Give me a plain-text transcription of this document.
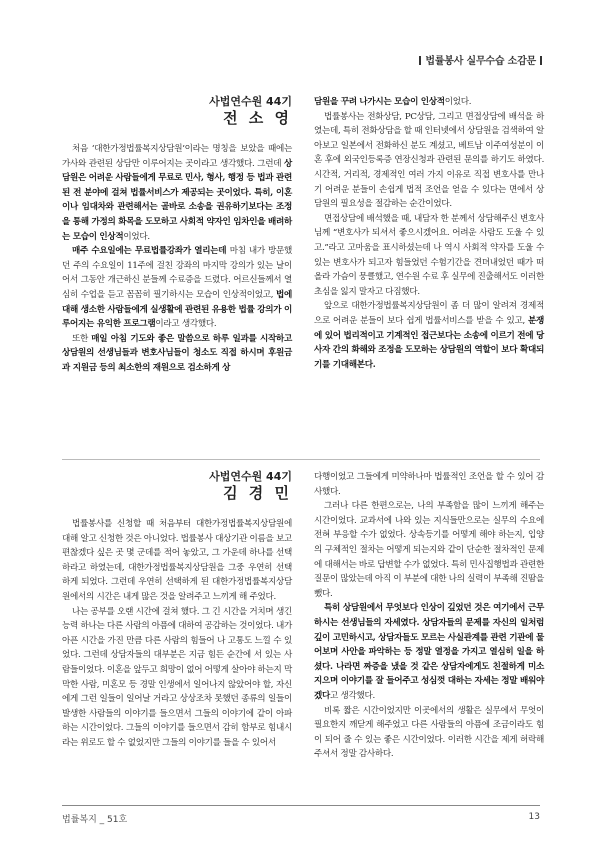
법률봉사 실무수습 소감문
사법연수원 44기
전 소 영

처음 ‘대한가정법률복지상담원’이라는 명칭을 보았을 때에는 가사와 관련된 상담만 이루어지는 곳이라고 생각했다. 그런데 상담원은 어려운 사람들에게 무료로 민사, 형사, 행정 등 법과 관련된 전 분야에 걸쳐 법률서비스가 제공되는 곳이었다. 특히, 이혼이나 임대차와 관련해서는 골바로 소송을 권유하기보다는 조정을 통해 가정의 화목을 도모하고 사회적 약자인 임차인을 배려하는 모습이 인상적이었다.

매주 수요일에는 무료법률강좌가 열리는데 마침 내가 방문했던 주의 수요일이 11주에 걸친 강좌의 마지막 강의가 있는 날이어서 그동안 개근하신 분들께 수료증을 드렸다. 어르신들께서 열심히 수업을 듣고 꼼꼼히 필기하시는 모습이 인상적이었고, 법에 대해 생소한 사람들에게 실생활에 관련된 유용한 법률 강의가 이루어지는 유익한 프로그램이라고 생각했다.

또한 매일 아침 기도와 좋은 말씀으로 하루 일과를 시작하고 상담원의 선생님들과 변호사님들이 청소도 직접 하시며 후원금과 지원금 등의 최소한의 재원으로 검소하게 상

담원을 꾸려 나가시는 모습이 인상적이었다.

법률봉사는 전화상담, PC상담, 그리고 면접상담에 배석을 하였는데, 특히 전화상담을 할 때 인터넷에서 상담원을 검색하여 알아보고 일본에서 전화하신 분도 계셨고, 베트남 이주여성분이 이혼 후에 외국인등록증 연장신청과 관련된 문의를 하기도 하였다. 시간적, 거리적, 경제적인 여러 가지 이유로 직접 변호사를 만나기 어려운 분들이 손쉽게 법적 조언을 얻을 수 있다는 면에서 상담원의 필요성을 절감하는 순간이었다.

면접상담에 배석했을 때, 내담자 한 분께서 상담해주신 변호사님께 “변호사가 되셔서 좋으시겠어요. 어려운 사람도 도울 수 있고.”라고 고마움을 표시하셨는데 나 역시 사회적 약자를 도울 수 있는 변호사가 되고자 힘들었던 수험기간을 견뎌내었던 때가 떠올라 가슴이 뭉클했고, 연수원 수료 후 실무에 진출해서도 이러한 초심을 잃지 말자고 다짐했다.

앞으로 대한가정법률복지상담원이 좀 더 많이 알려져 경제적으로 어려운 분들이 보다 쉽게 법률서비스를 받을 수 있고, 분쟁에 있어 법리적이고 기계적인 접근보다는 소송에 이르기 전에 당사자 간의 화해와 조정을 도모하는 상담원의 역할이 보다 확대되기를 기대해본다.

사법연수원 44기
김 경 민

법률봉사를 신청할 때 처음부터 대한가정법률복지상담원에 대해 알고 신청한 것은 아니었다. 법률봉사 대상기관 이름을 보고 편찮겠다 싶은 곳 몇 군데를 적어 놓았고, 그 가운데 하나를 선택하라고 하였는데, 대한가정법률복지상담원을 그중 우연히 선택하게 되었다. 그런데 우연히 선택하게 된 대한가정법률복지상담원에서의 시간은 내게 많은 것을 알려주고 느끼게 해 주었다.

나는 공부를 오랜 시간에 걸쳐 했다. 그 긴 시간을 거치며 생긴 능력 하나는 다른 사람의 아픔에 대하여 공감하는 것이었다. 내가 아픈 시간을 가진 만큼 다른 사람의 힘들어 나 고통도 느낄 수 있었다. 그런데 상담자들의 대부분은 지금 힘든 순간에 서 있는 사람들이었다. 이혼을 앞두고 희망이 없어 어떻게 살아야 하는지 막막한 사람, 미혼모 등 경말 인생에서 일어나지 않았어야 할, 자신에게 그런 일들이 일어날 거라고 상상조차 못했던 종류의 일들이 발생한 사람들의 이야기를 들으면서 그들의 이야기에 같이 아파하는 시간이었다. 그들의 이야기를 들으면서 감히 함부로 힘내시라는 위로도 할 수 없었지만 그들의 이야기를 들을 수 있어서

다행이었고 그들에게 미약하나마 법률적인 조언을 할 수 있어 감사했다.

그러나 다른 한편으로는, 나의 부족함을 많이 느끼게 해주는 시간이었다. 교과서에 나와 있는 지식들만으로는 실무의 수요에 전혀 부응할 수가 없었다. 상속등기를 어떻게 해야 하는지, 입양의 구체적인 절차는 어떻게 되는지와 같이 단순한 절차적인 문제에 대해서는 바로 답변할 수가 없었다. 특히 민사집행법과 관련한 질문이 많았는데 아직 이 부분에 대한 나의 실력이 부족해 진땀을 뺐다.

특히 상담원에서 무엇보다 인상이 깊었던 것은 여기에서 근무하시는 선생님들의 자세였다. 상담자들의 문제를 자신의 일처럼 깊이 고민하시고, 상담자들도 모르는 사실관계를 관련 기관에 물어보며 사안을 파악하는 등 정말 열정을 가지고 열심히 일을 하셨다. 나라면 짜증을 냈을 것 같은 상담자에게도 친절하게 미소지으며 이야기를 잘 들어주고 성심껏 대하는 자세는 정말 배워야겠다고 생각했다.

비록 짧은 시간이었지만 이곳에서의 생활은 실무에서 무엇이 필요한지 깨닫게 해주었고 다른 사람들의 아픔에 조금이라도 힘이 되어 줄 수 있는 좋은 시간이었다. 이러한 시간을 제게 허락해 주셔서 정말 감사하다.

법률복지 _ 51호	13
